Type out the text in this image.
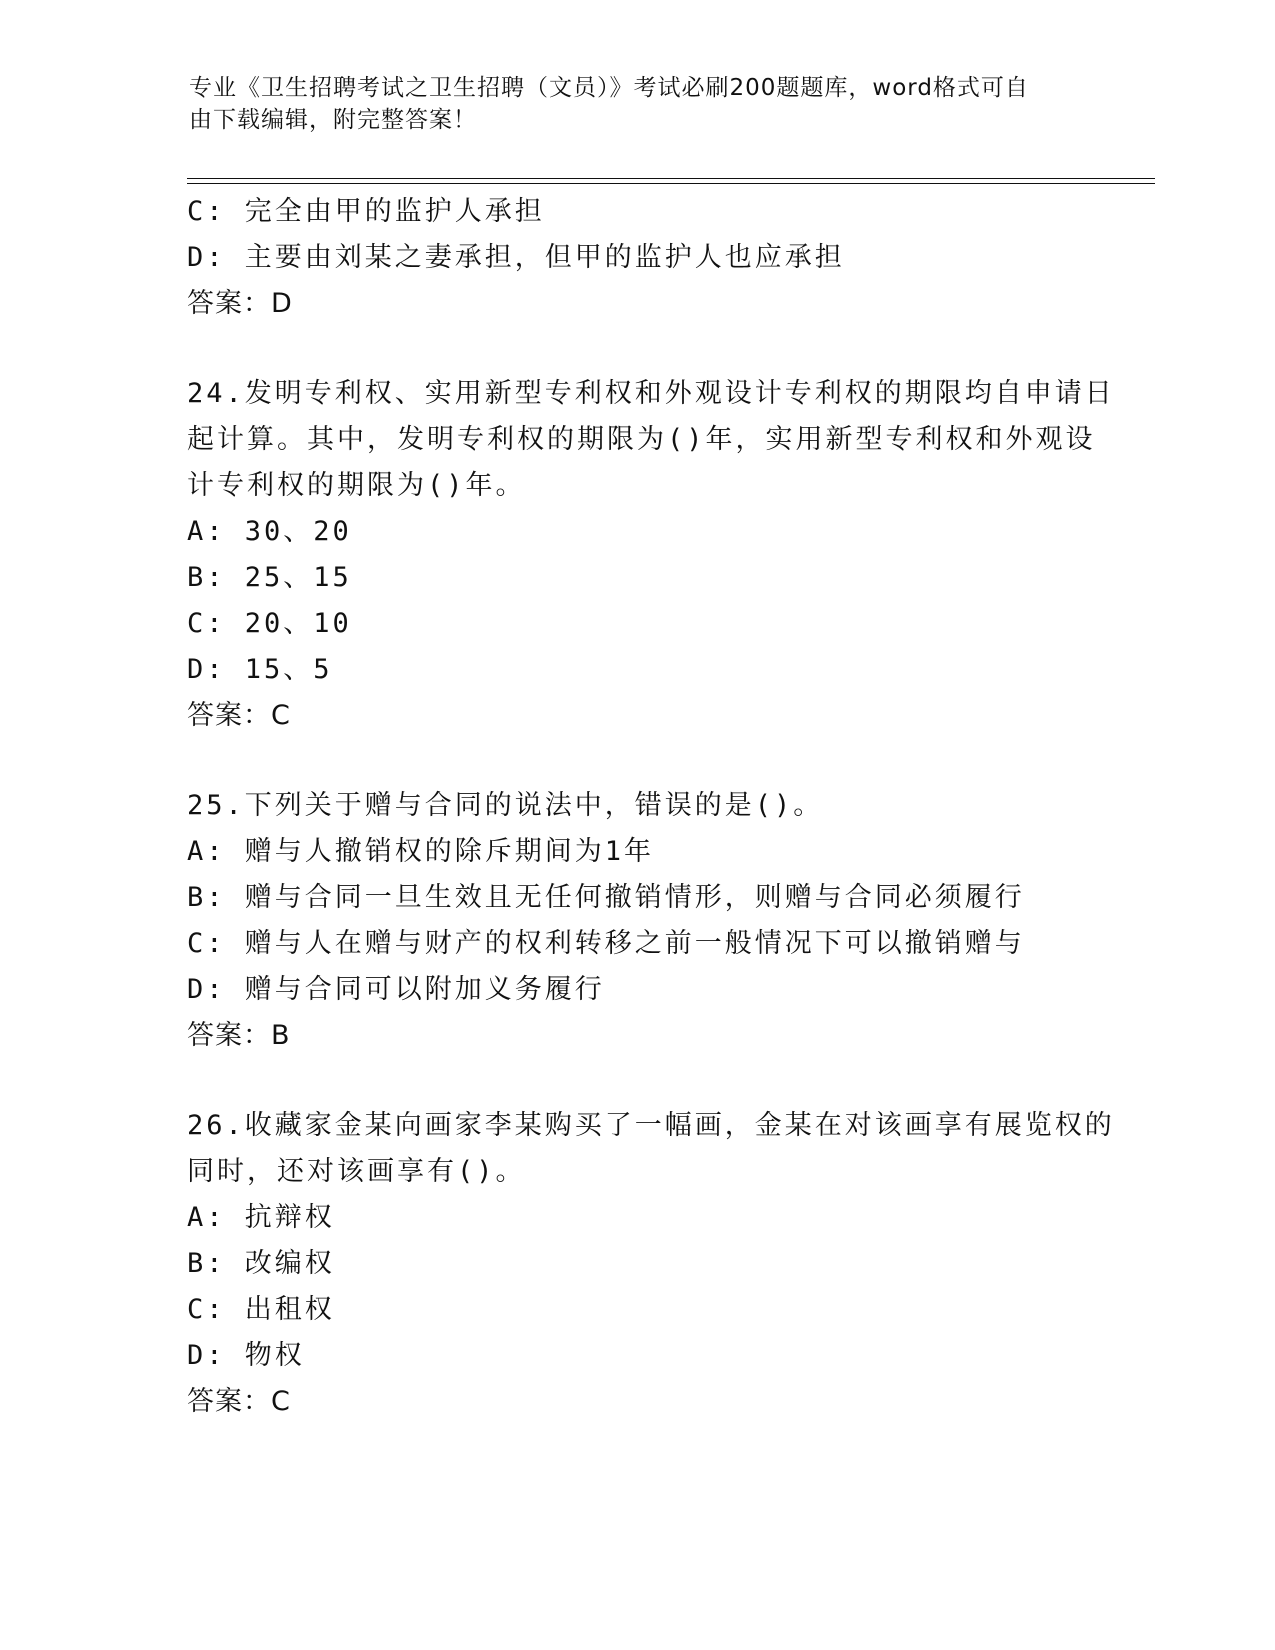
专业《卫生招聘考试之卫生招聘（文员）》考试必刷200题题库，word格式可自
由下载编辑，附完整答案！
C: 完全由甲的监护人承担
D: 主要由刘某之妻承担，但甲的监护人也应承担
答案：D
24.发明专利权、实用新型专利权和外观设计专利权的期限均自申请日
起计算。其中，发明专利权的期限为()年，实用新型专利权和外观设
计专利权的期限为()年。
A: 30、20
B: 25、15
C: 20、10
D: 15、5
答案：C
25.下列关于赠与合同的说法中，错误的是()。
A: 赠与人撤销权的除斥期间为1年
B: 赠与合同一旦生效且无任何撤销情形，则赠与合同必须履行
C: 赠与人在赠与财产的权利转移之前一般情况下可以撤销赠与
D: 赠与合同可以附加义务履行
答案：B
26.收藏家金某向画家李某购买了一幅画，金某在对该画享有展览权的
同时，还对该画享有()。
A: 抗辩权
B: 改编权
C: 出租权
D: 物权
答案：C
